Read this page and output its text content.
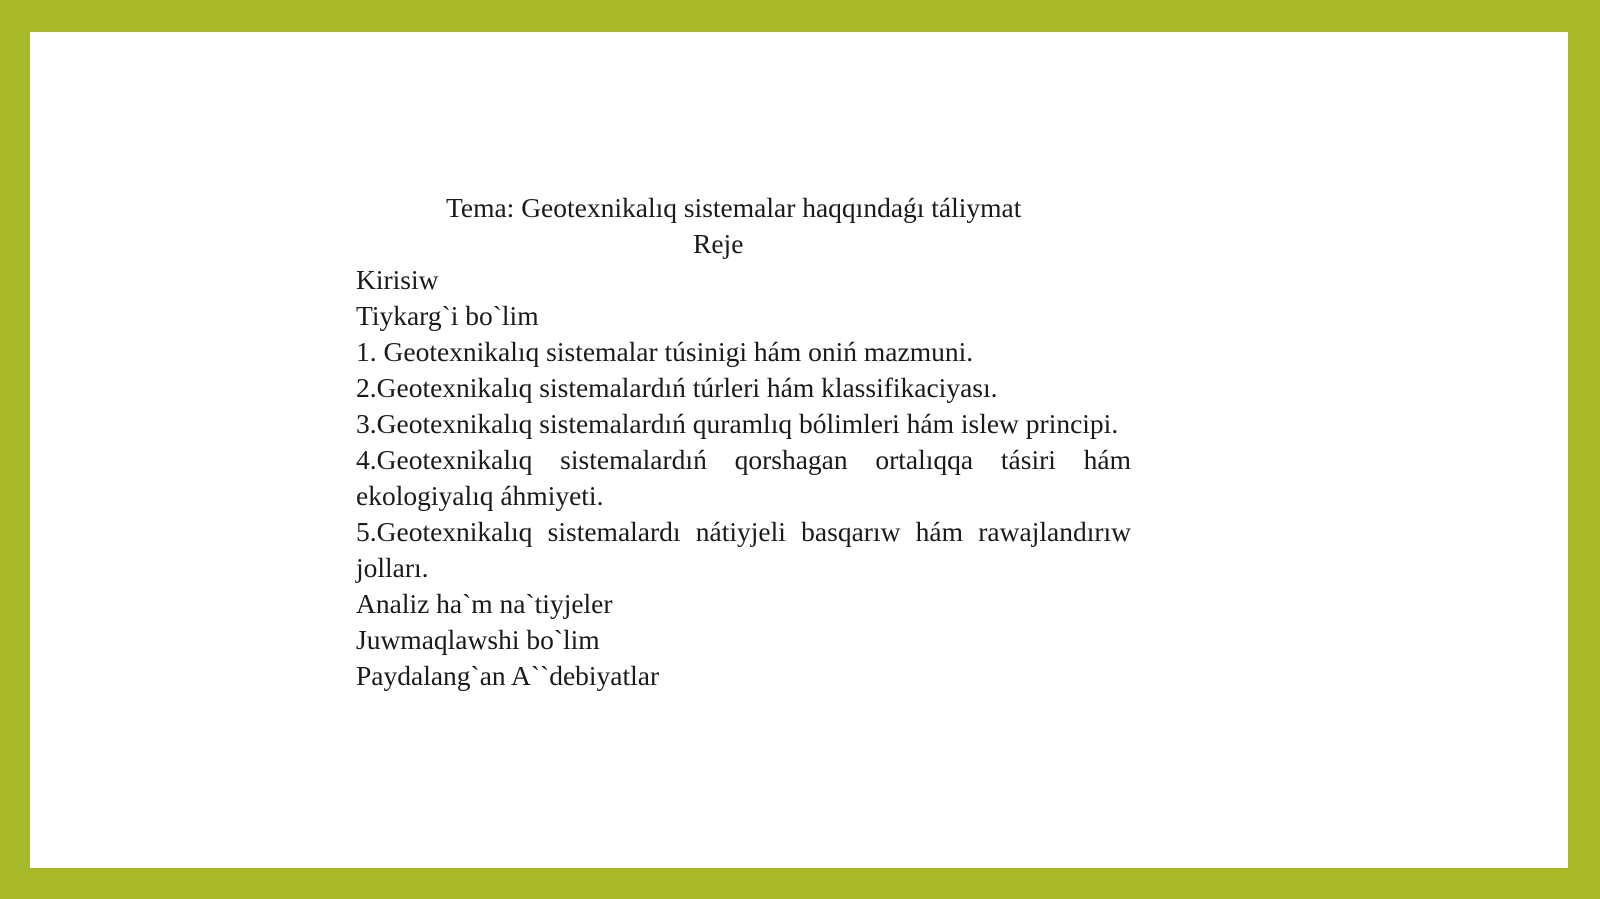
Tema: Geotexnikalıq sistemalar haqqındaǵı táliymat
Reje
Kirisiw
Tiykarg`i bo`lim
1. Geotexnikalıq sistemalar túsinigi hám oniń mazmuni.
2.Geotexnikalıq sistemalardıń túrleri hám klassifikaciyası.
3.Geotexnikalıq sistemalardıń quramlıq bólimleri hám islew principi.
4.Geotexnikalıq sistemalardıń qorshagan ortalıqqa tásiri hám ekologiyalıq áhmiyeti.
5.Geotexnikalıq sistemalardı nátiyjeli basqarıw hám rawajlandırıw jolları.
Analiz ha`m na`tiyjeler
Juwmaqlawshi bo`lim
Paydalang`an A``debiyatlar
